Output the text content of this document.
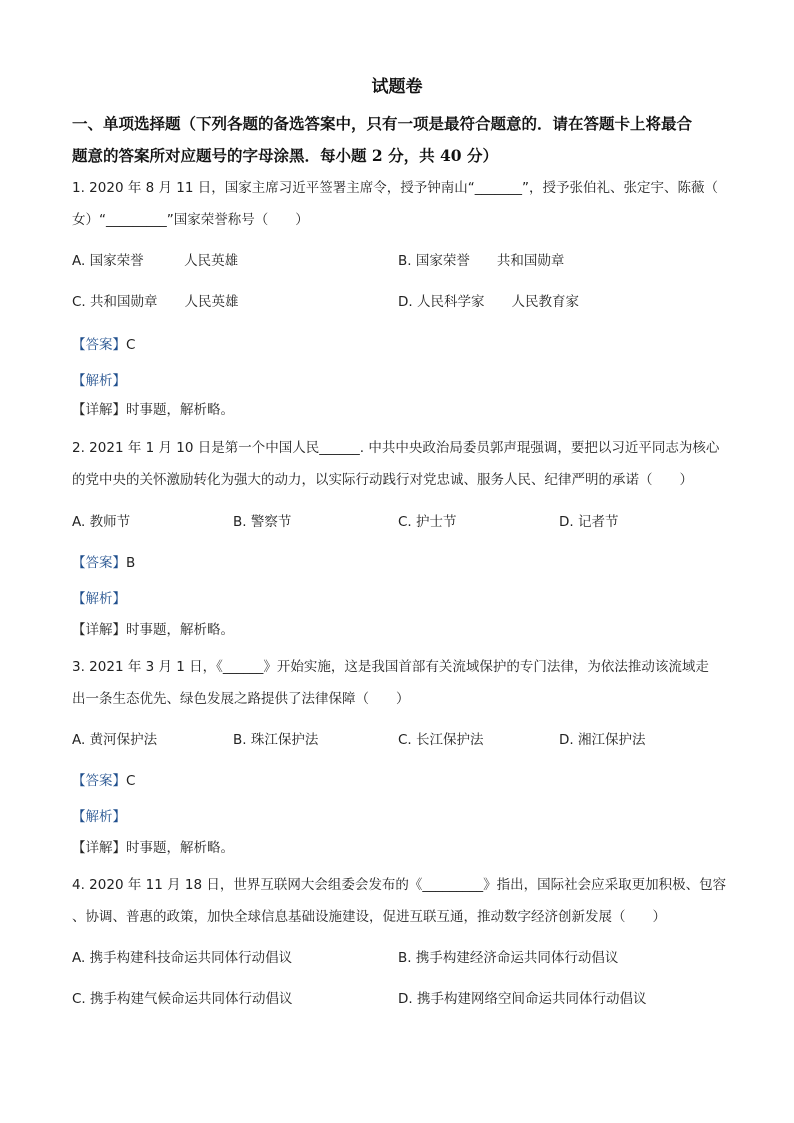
试题卷
一、单项选择题（下列各题的备选答案中，只有一项是最符合题意的．请在答题卡上将最合
题意的答案所对应题号的字母涂黑．每小题 2 分，共 40 分）
1. 2020 年 8 月 11 日，国家主席习近平签署主席令，授予钟南山“_______”，授予张伯礼、张定宇、陈薇（
女）“_________”国家荣誉称号（　　）
A. 国家荣誉　　　人民英雄	B. 国家荣誉　　共和国勋章
C. 共和国勋章　　人民英雄	D. 人民科学家　　人民教育家
【答案】C
【解析】
【详解】时事题，解析略。
2. 2021 年 1 月 10 日是第一个中国人民______. 中共中央政治局委员郭声琨强调，要把以习近平同志为核心
的党中央的关怀激励转化为强大的动力，以实际行动践行对党忠诚、服务人民、纪律严明的承诺（　　）
A. 教师节	B. 警察节	C. 护士节	D. 记者节
【答案】B
【解析】
【详解】时事题，解析略。
3. 2021 年 3 月 1 日，《______》开始实施，这是我国首部有关流域保护的专门法律，为依法推动该流域走
出一条生态优先、绿色发展之路提供了法律保障（　　）
A. 黄河保护法	B. 珠江保护法	C. 长江保护法	D. 湘江保护法
【答案】C
【解析】
【详解】时事题，解析略。
4. 2020 年 11 月 18 日，世界互联网大会组委会发布的《_________》指出，国际社会应采取更加积极、包容
、协调、普惠的政策，加快全球信息基础设施建设，促进互联互通，推动数字经济创新发展（　　）
A. 携手构建科技命运共同体行动倡议	B. 携手构建经济命运共同体行动倡议
C. 携手构建气候命运共同体行动倡议	D. 携手构建网络空间命运共同体行动倡议
